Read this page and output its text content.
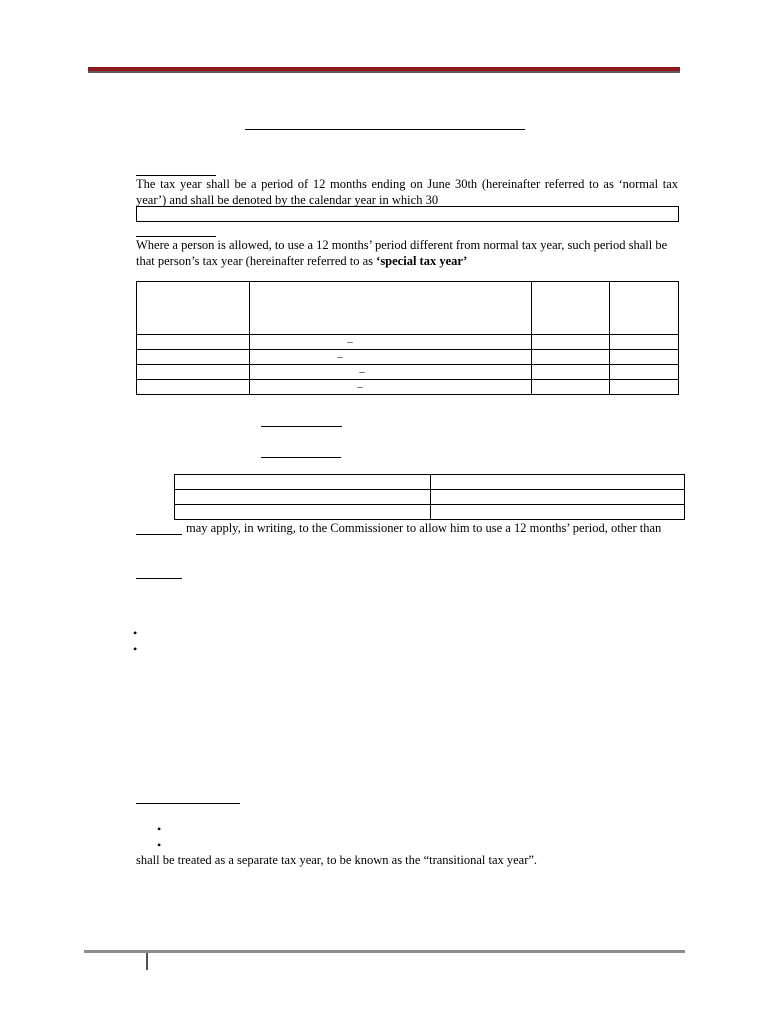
The tax year shall be a period of 12 months ending on June 30th (hereinafter referred to as ‘normal tax year’) and shall be denoted by the calendar year in which 30
Where a person is allowed, to use a 12 months’ period different from normal tax year, such period shall be
that person’s tax year (hereinafter referred to as ‘special tax year’

	–		
	–		
	–		
	–		

may apply, in writing, to the Commissioner to allow him to use a 12 months’ period, other than
•
•
•
•
shall be treated as a separate tax year, to be known as the “transitional tax year”.
